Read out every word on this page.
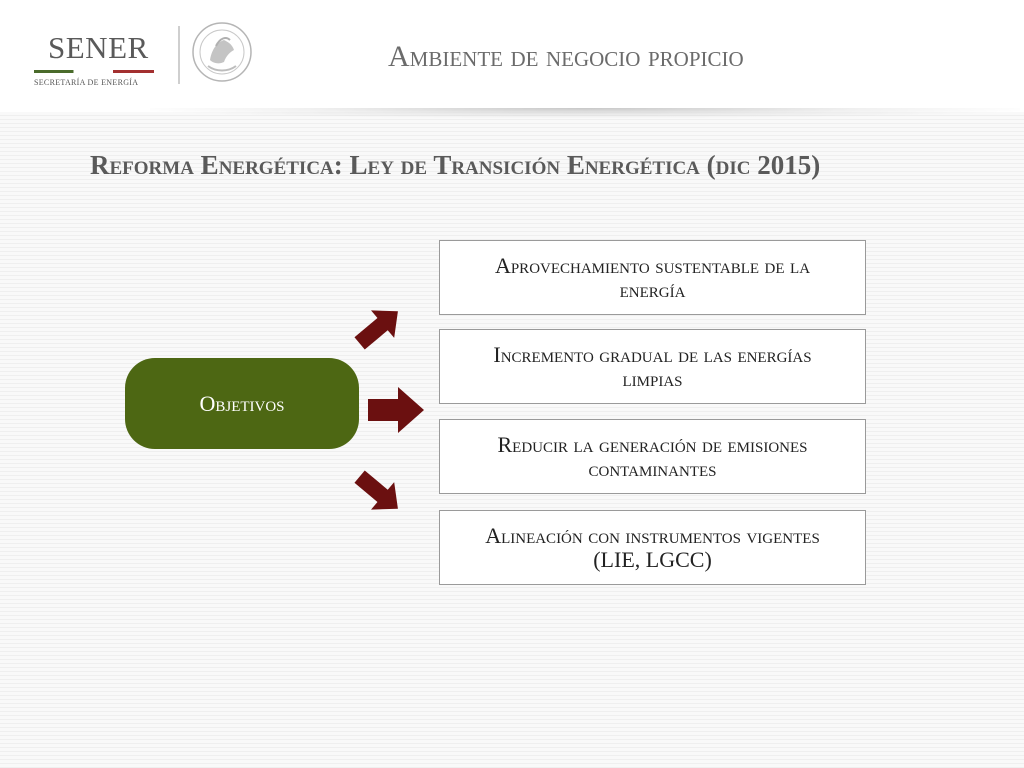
SENER
SECRETARÍA DE ENERGÍA
Ambiente de negocio propicio
Reforma Energética: Ley de Transición Energética (dic 2015)
Objetivos
Aprovechamiento sustentable de la energía
Incremento gradual de las energías limpias
Reducir la generación de emisiones contaminantes
Alineación con instrumentos vigentes (LIE, LGCC)
